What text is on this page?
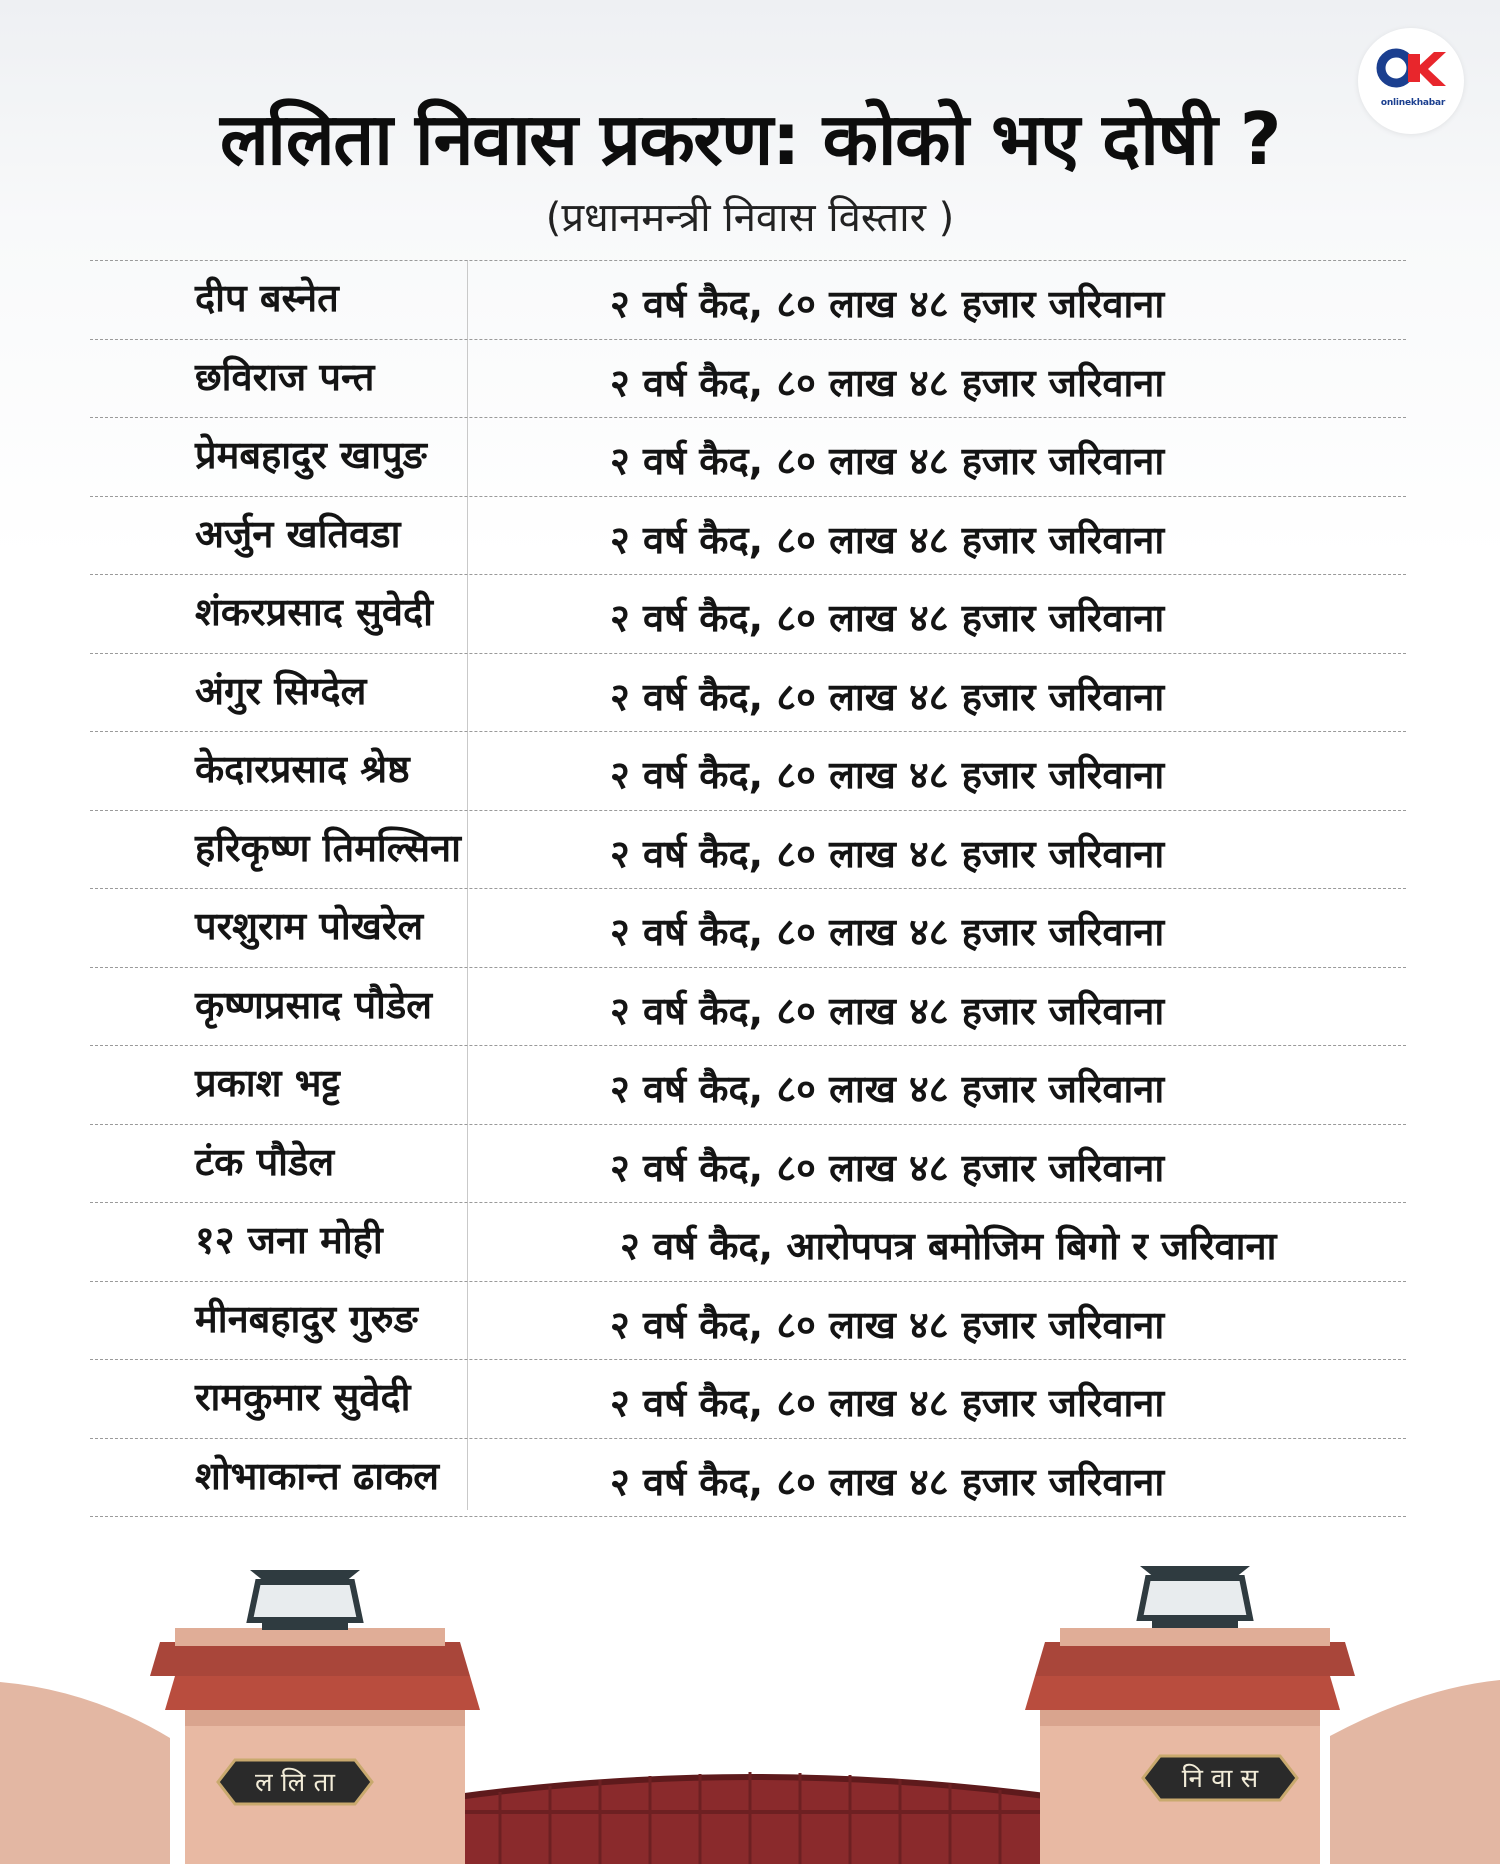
onlinekhabar
ललिता निवास प्रकरण: कोको भए दोषी ?
(प्रधानमन्त्री निवास विस्तार )
दीप बस्नेत	२ वर्ष कैद, ८० लाख ४८ हजार जरिवाना
छविराज पन्त	२ वर्ष कैद, ८० लाख ४८ हजार जरिवाना
प्रेमबहादुर खापुङ	२ वर्ष कैद, ८० लाख ४८ हजार जरिवाना
अर्जुन खतिवडा	२ वर्ष कैद, ८० लाख ४८ हजार जरिवाना
शंकरप्रसाद सुवेदी	२ वर्ष कैद, ८० लाख ४८ हजार जरिवाना
अंगुर सिग्देल	२ वर्ष कैद, ८० लाख ४८ हजार जरिवाना
केदारप्रसाद श्रेष्ठ	२ वर्ष कैद, ८० लाख ४८ हजार जरिवाना
हरिकृष्ण तिमल्सिना	२ वर्ष कैद, ८० लाख ४८ हजार जरिवाना
परशुराम पोखरेल	२ वर्ष कैद, ८० लाख ४८ हजार जरिवाना
कृष्णप्रसाद पौडेल	२ वर्ष कैद, ८० लाख ४८ हजार जरिवाना
प्रकाश भट्ट	२ वर्ष कैद, ८० लाख ४८ हजार जरिवाना
टंक पौडेल	२ वर्ष कैद, ८० लाख ४८ हजार जरिवाना
१२ जना मोही	२ वर्ष कैद, आरोपपत्र बमोजिम बिगो र जरिवाना
मीनबहादुर गुरुङ	२ वर्ष कैद, ८० लाख ४८ हजार जरिवाना
रामकुमार सुवेदी	२ वर्ष कैद, ८० लाख ४८ हजार जरिवाना
शोभाकान्त ढाकल	२ वर्ष कैद, ८० लाख ४८ हजार जरिवाना
ल लि ता	नि वा स
